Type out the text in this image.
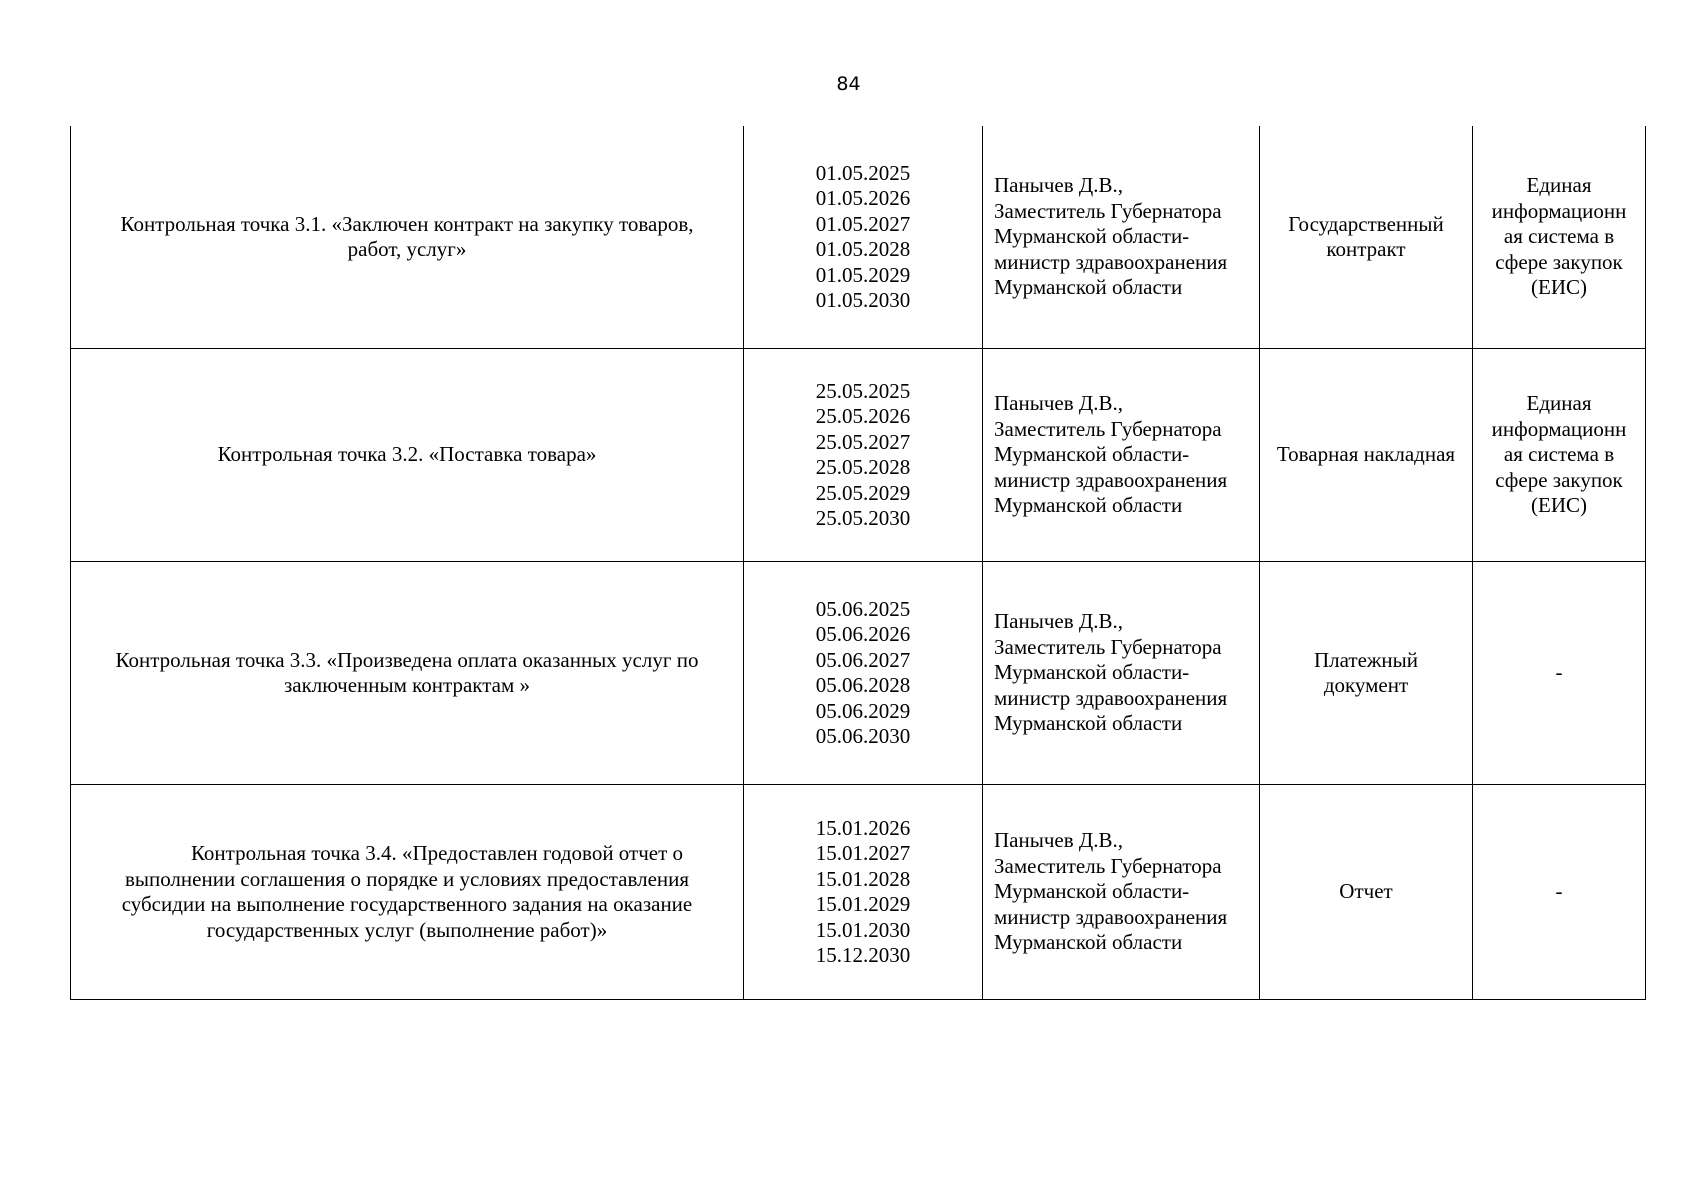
84
Контрольная точка 3.1. «Заключен контракт на закупку товаров,
работ, услуг»
01.05.2025
01.05.2026
01.05.2027
01.05.2028
01.05.2029
01.05.2030
Панычев Д.В.,
Заместитель Губернатора
Мурманской области-
министр здравоохранения
Мурманской области
Государственный
контракт
Единая
информационн
ая система в
сфере закупок
(ЕИС)
Контрольная точка 3.2. «Поставка товара»
25.05.2025
25.05.2026
25.05.2027
25.05.2028
25.05.2029
25.05.2030
Панычев Д.В.,
Заместитель Губернатора
Мурманской области-
министр здравоохранения
Мурманской области
Товарная накладная
Единая
информационн
ая система в
сфере закупок
(ЕИС)
Контрольная точка 3.3. «Произведена оплата оказанных услуг по
заключенным контрактам »
05.06.2025
05.06.2026
05.06.2027
05.06.2028
05.06.2029
05.06.2030
Панычев Д.В.,
Заместитель Губернатора
Мурманской области-
министр здравоохранения
Мурманской области
Платежный
документ
-
Контрольная точка 3.4. «Предоставлен годовой отчет о
выполнении соглашения о порядке и условиях предоставления
субсидии на выполнение государственного задания на оказание
государственных услуг (выполнение работ)»
15.01.2026
15.01.2027
15.01.2028
15.01.2029
15.01.2030
15.12.2030
Панычев Д.В.,
Заместитель Губернатора
Мурманской области-
министр здравоохранения
Мурманской области
Отчет	-
